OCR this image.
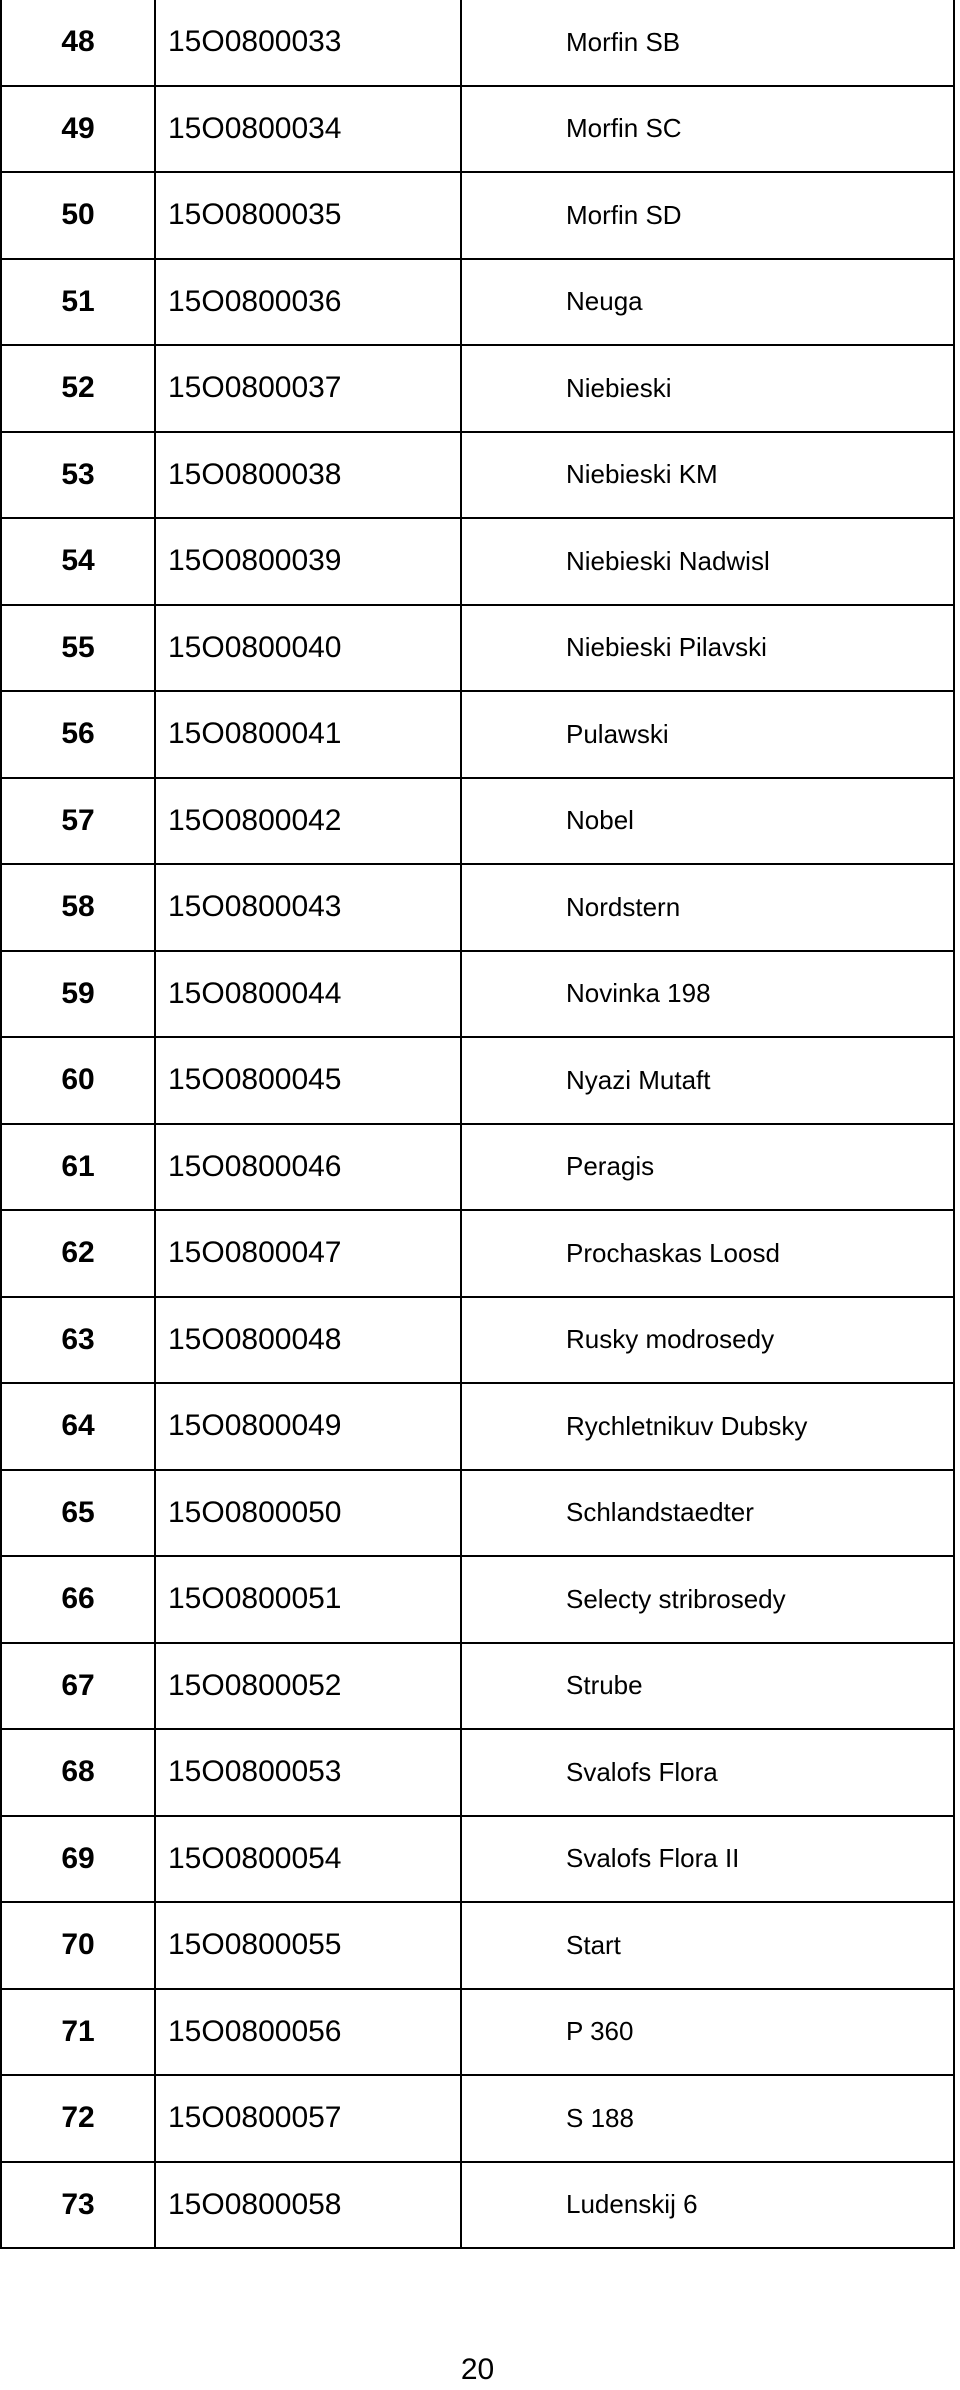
48	15O0800033	Morfin SB
49	15O0800034	Morfin SC
50	15O0800035	Morfin SD
51	15O0800036	Neuga
52	15O0800037	Niebieski
53	15O0800038	Niebieski KM
54	15O0800039	Niebieski Nadwisl
55	15O0800040	Niebieski Pilavski
56	15O0800041	Pulawski
57	15O0800042	Nobel
58	15O0800043	Nordstern
59	15O0800044	Novinka 198
60	15O0800045	Nyazi Mutaft
61	15O0800046	Peragis
62	15O0800047	Prochaskas Loosd
63	15O0800048	Rusky modrosedy
64	15O0800049	Rychletnikuv Dubsky
65	15O0800050	Schlandstaedter
66	15O0800051	Selecty stribrosedy
67	15O0800052	Strube
68	15O0800053	Svalofs Flora
69	15O0800054	Svalofs Flora II
70	15O0800055	Start
71	15O0800056	P 360
72	15O0800057	S 188
73	15O0800058	Ludenskij 6
20
